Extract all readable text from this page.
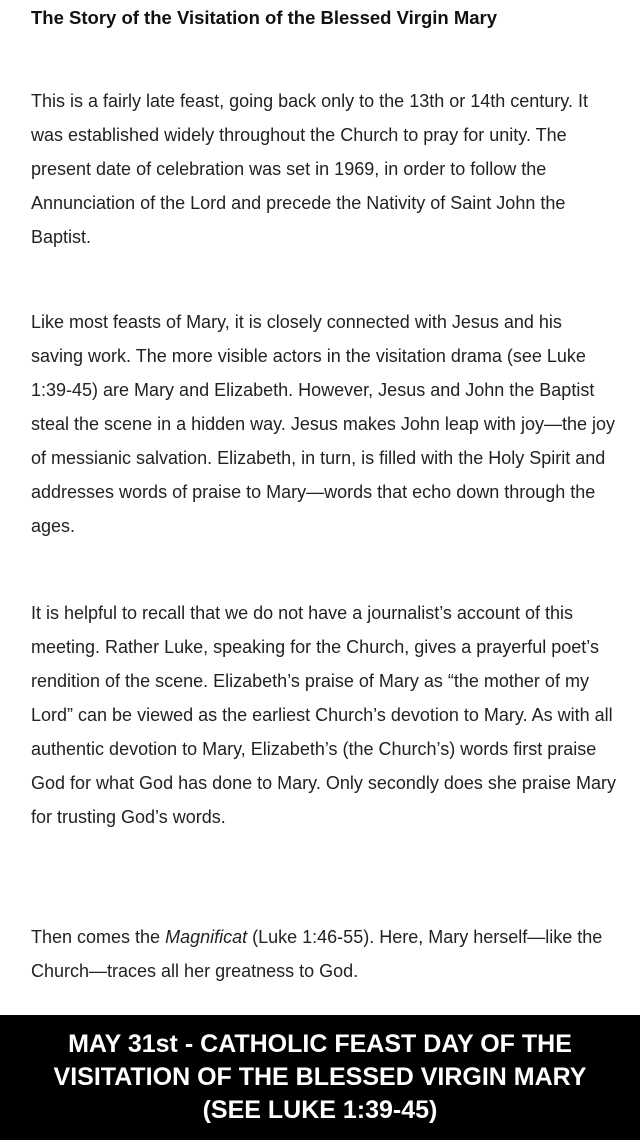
The Story of the Visitation of the Blessed Virgin Mary

This is a fairly late feast, going back only to the 13th or 14th century. It was established widely throughout the Church to pray for unity. The present date of celebration was set in 1969, in order to follow the Annunciation of the Lord and precede the Nativity of Saint John the Baptist.

Like most feasts of Mary, it is closely connected with Jesus and his saving work. The more visible actors in the visitation drama (see Luke 1:39-45) are Mary and Elizabeth. However, Jesus and John the Baptist steal the scene in a hidden way. Jesus makes John leap with joy—the joy of messianic salvation. Elizabeth, in turn, is filled with the Holy Spirit and addresses words of praise to Mary—words that echo down through the ages.

It is helpful to recall that we do not have a journalist’s account of this meeting. Rather Luke, speaking for the Church, gives a prayerful poet’s rendition of the scene. Elizabeth’s praise of Mary as “the mother of my Lord” can be viewed as the earliest Church’s devotion to Mary. As with all authentic devotion to Mary, Elizabeth’s (the Church’s) words first praise God for what God has done to Mary. Only secondly does she praise Mary for trusting God’s words.

Then comes the Magnificat (Luke 1:46-55). Here, Mary herself—like the Church—traces all her greatness to God.

MAY 31st - CATHOLIC FEAST DAY OF THE
VISITATION OF THE BLESSED VIRGIN MARY
(SEE LUKE 1:39-45)
